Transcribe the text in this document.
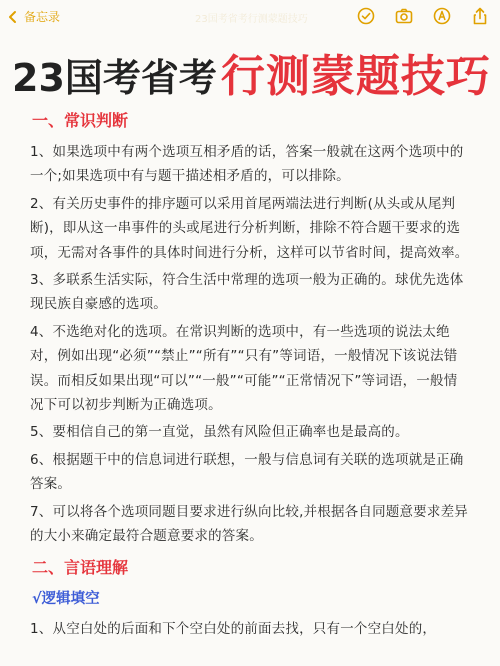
备忘录	23国考省考行测蒙题技巧
23国考省考 行测蒙题技巧
一、常识判断
1、如果选项中有两个选项互相矛盾的话，答案一般就在这两个选项中的一个;如果选项中有与题干描述相矛盾的，可以排除。
2、有关历史事件的排序题可以采用首尾两端法进行判断(从头或从尾判断)，即从这一串事件的头或尾进行分析判断，排除不符合题干要求的选项，无需对各事件的具体时间进行分析，这样可以节省时间，提高效率。
3、多联系生活实际，符合生活中常理的选项一般为正确的。球优先选体现民族自豪感的选项。
4、不选绝对化的选项。在常识判断的选项中，有一些选项的说法太绝对，例如出现“必须”“禁止”“所有”“只有”等词语，一般情况下该说法错误。而相反如果出现“可以”“一般”“可能”“正常情况下”等词语，一般情况下可以初步判断为正确选项。
5、要相信自己的第一直觉，虽然有风险但正确率也是最高的。
6、根据题干中的信息词进行联想，一般与信息词有关联的选项就是正确答案。
7、可以将各个选项同题目要求进行纵向比较,并根据各自同题意要求差异的大小来确定最符合题意要求的答案。
二、言语理解
√逻辑填空
1、从空白处的后面和下个空白处的前面去找，只有一个空白处的，
